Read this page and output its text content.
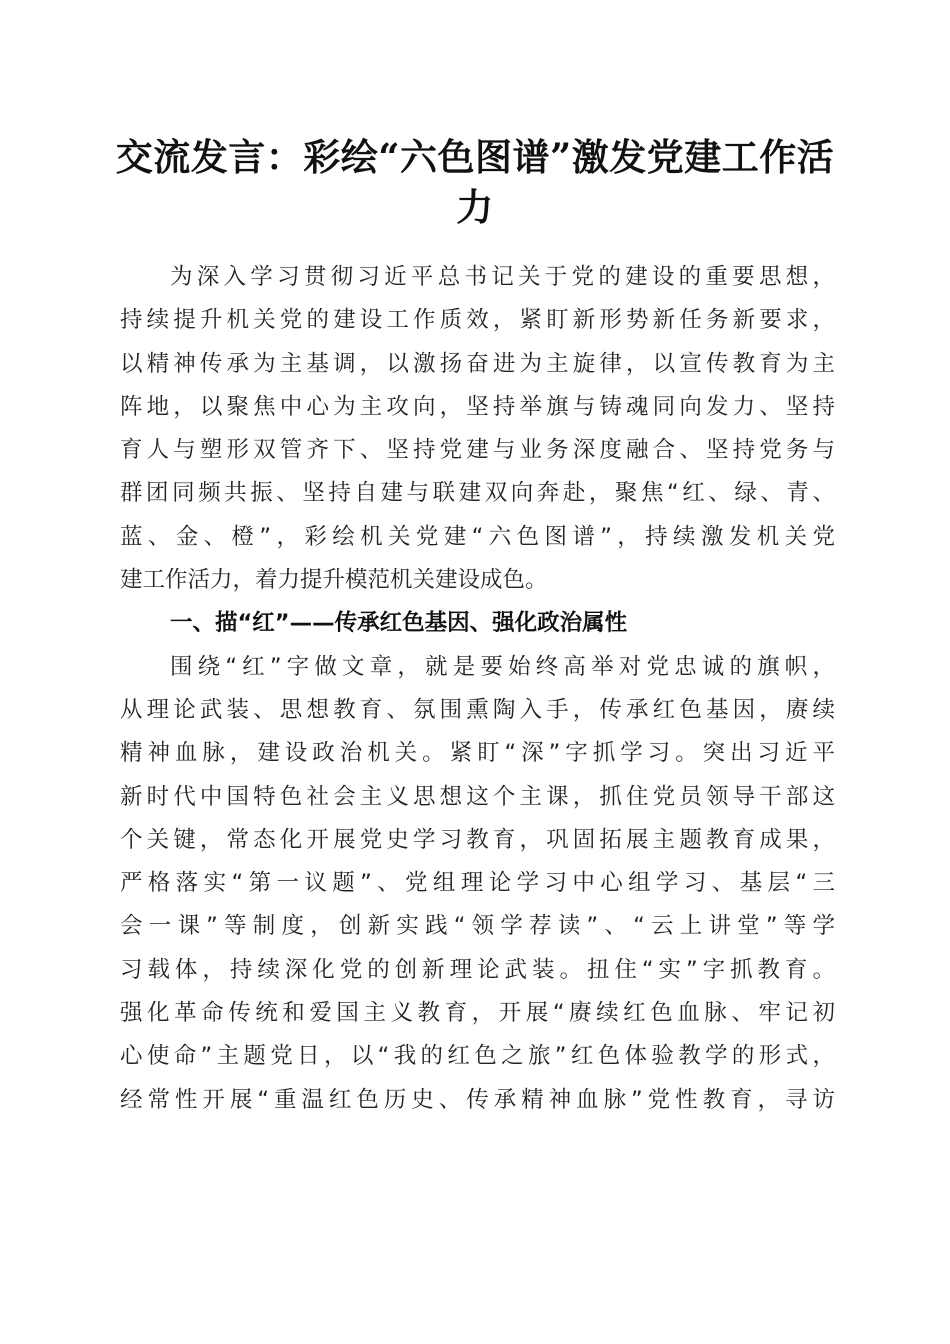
交流发言：彩绘“六色图谱”激发党建工作活力
为深入学习贯彻习近平总书记关于党的建设的重要思想，
持续提升机关党的建设工作质效，紧盯新形势新任务新要求，
以精神传承为主基调，以激扬奋进为主旋律，以宣传教育为主
阵地，以聚焦中心为主攻向，坚持举旗与铸魂同向发力、坚持
育人与塑形双管齐下、坚持党建与业务深度融合、坚持党务与
群团同频共振、坚持自建与联建双向奔赴，聚焦“红、绿、青、
蓝、金、橙”，彩绘机关党建“六色图谱”，持续激发机关党
建工作活力，着力提升模范机关建设成色。
一、描“红”——传承红色基因、强化政治属性
围绕“红”字做文章，就是要始终高举对党忠诚的旗帜，
从理论武装、思想教育、氛围熏陶入手，传承红色基因，赓续
精神血脉，建设政治机关。紧盯“深”字抓学习。突出习近平
新时代中国特色社会主义思想这个主课，抓住党员领导干部这
个关键，常态化开展党史学习教育，巩固拓展主题教育成果，
严格落实“第一议题”、党组理论学习中心组学习、基层“三
会一课”等制度，创新实践“领学荐读”、“云上讲堂”等学
习载体，持续深化党的创新理论武装。扭住“实”字抓教育。
强化革命传统和爱国主义教育，开展“赓续红色血脉、牢记初
心使命”主题党日，以“我的红色之旅”红色体验教学的形式，
经常性开展“重温红色历史、传承精神血脉”党性教育，寻访
